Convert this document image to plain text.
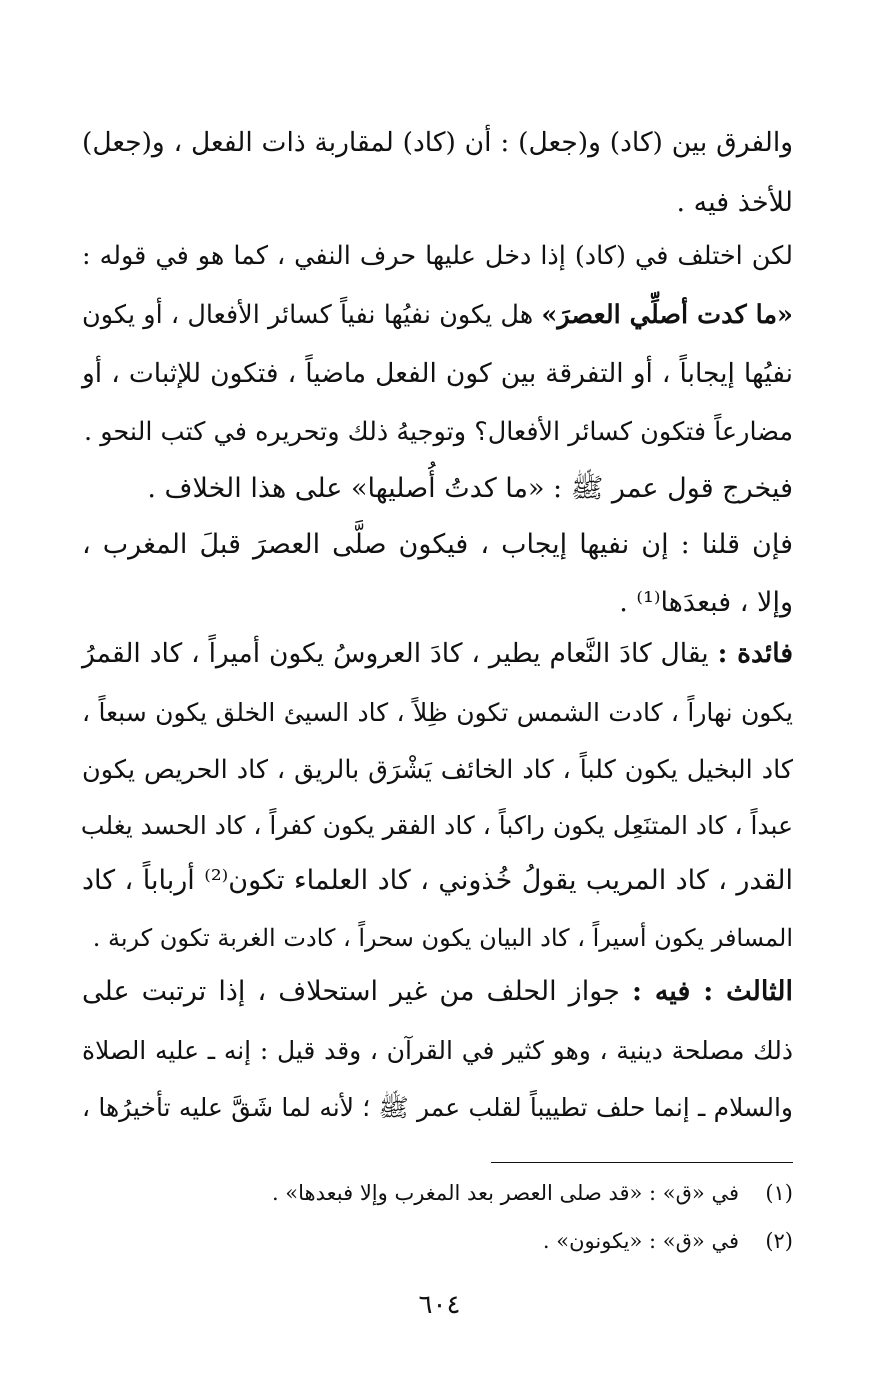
والفرق بين (كاد) و(جعل) : أن (كاد) لمقاربة ذات الفعل ، و(جعل)
للأخذ فيه .
لكن اختلف في (كاد) إذا دخل عليها حرف النفي ، كما هو في قوله :
«ما كدت أصلِّي العصرَ» هل يكون نفيُها نفياً كسائر الأفعال ، أو يكون
نفيُها إيجاباً ، أو التفرقة بين كون الفعل ماضياً ، فتكون للإثبات ، أو
مضارعاً فتكون كسائر الأفعال؟ وتوجيهُ ذلك وتحريره في كتب النحو .
فيخرج قول عمر ﷺ : «ما كدتُ أُصليها» على هذا الخلاف .
فإن قلنا : إن نفيها إيجاب ، فيكون صلَّى العصرَ قبلَ المغرب ،
وإلا ، فبعدَها⁽¹⁾ .
فائدة : يقال كادَ النَّعام يطير ، كادَ العروسُ يكون أميراً ، كاد القمرُ
يكون نهاراً ، كادت الشمس تكون ظِلاً ، كاد السيئ الخلق يكون سبعاً ،
كاد البخيل يكون كلباً ، كاد الخائف يَشْرَق بالريق ، كاد الحريص يكون
عبداً ، كاد المتنَعِل يكون راكباً ، كاد الفقر يكون كفراً ، كاد الحسد يغلب
القدر ، كاد المريب يقولُ خُذوني ، كاد العلماء تكون⁽²⁾ أرباباً ، كاد
المسافر يكون أسيراً ، كاد البيان يكون سحراً ، كادت الغربة تكون كربة .
الثالث : فيه : جواز الحلف من غير استحلاف ، إذا ترتبت على
ذلك مصلحة دينية ، وهو كثير في القرآن ، وقد قيل : إنه ـ عليه الصلاة
والسلام ـ إنما حلف تطييباً لقلب عمر ﷺ ؛ لأنه لما شَقَّ عليه تأخيرُها ،
(١)في «ق» : «قد صلى العصر بعد المغرب وإلا فبعدها» .
(٢)في «ق» : «يكونون» .
٦٠٤
